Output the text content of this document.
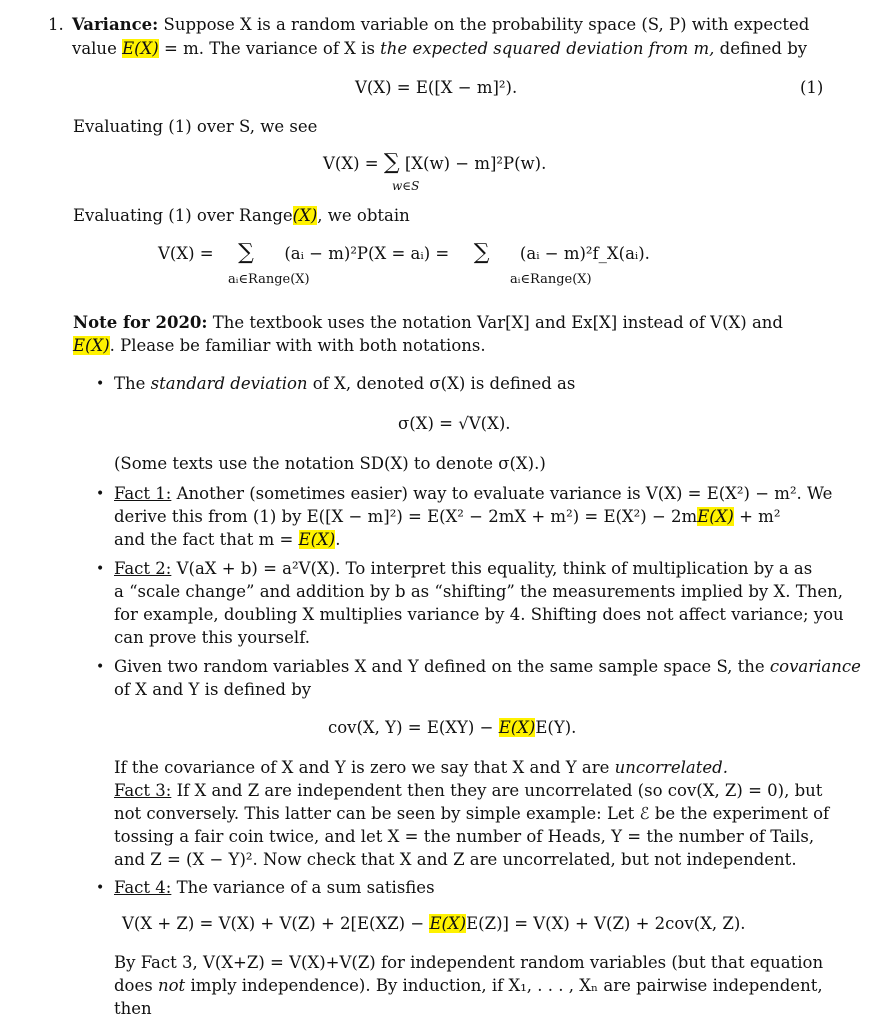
1. Variance: Suppose X is a random variable on the probability space (S, P) with expected
value E(X) = m. The variance of X is the expected squared deviation from m, defined by
V(X) = E([X − m]²).	(1)
Evaluating (1) over S, we see
V(X) = ∑ [X(w) − m]²P(w).
w∈S
Evaluating (1) over Range(X), we obtain
V(X) = ∑ (aᵢ − m)²P(X = aᵢ) = ∑ (aᵢ − m)²f_X(aᵢ).
aᵢ∈Range(X)	aᵢ∈Range(X)
Note for 2020: The textbook uses the notation Var[X] and Ex[X] instead of V(X) and
E(X). Please be familiar with with both notations.
• The standard deviation of X, denoted σ(X) is defined as
σ(X) = √V(X).
(Some texts use the notation SD(X) to denote σ(X).)
• Fact 1: Another (sometimes easier) way to evaluate variance is V(X) = E(X²) − m². We
derive this from (1) by E([X − m]²) = E(X² − 2mX + m²) = E(X²) − 2mE(X) + m²
and the fact that m = E(X).
• Fact 2: V(aX + b) = a²V(X). To interpret this equality, think of multiplication by a as
a “scale change” and addition by b as “shifting” the measurements implied by X. Then,
for example, doubling X multiplies variance by 4. Shifting does not affect variance; you
can prove this yourself.
• Given two random variables X and Y defined on the same sample space S, the covariance
of X and Y is defined by
cov(X, Y) = E(XY) − E(X)E(Y).
If the covariance of X and Y is zero we say that X and Y are uncorrelated.
Fact 3: If X and Z are independent then they are uncorrelated (so cov(X, Z) = 0), but
not conversely. This latter can be seen by simple example: Let ℰ be the experiment of
tossing a fair coin twice, and let X = the number of Heads, Y = the number of Tails,
and Z = (X − Y)². Now check that X and Z are uncorrelated, but not independent.
• Fact 4: The variance of a sum satisfies
V(X + Z) = V(X) + V(Z) + 2[E(XZ) − E(X)E(Z)] = V(X) + V(Z) + 2cov(X, Z).
By Fact 3, V(X+Z) = V(X)+V(Z) for independent random variables (but that equation
does not imply independence). By induction, if X₁, . . . , Xₙ are pairwise independent,
then
